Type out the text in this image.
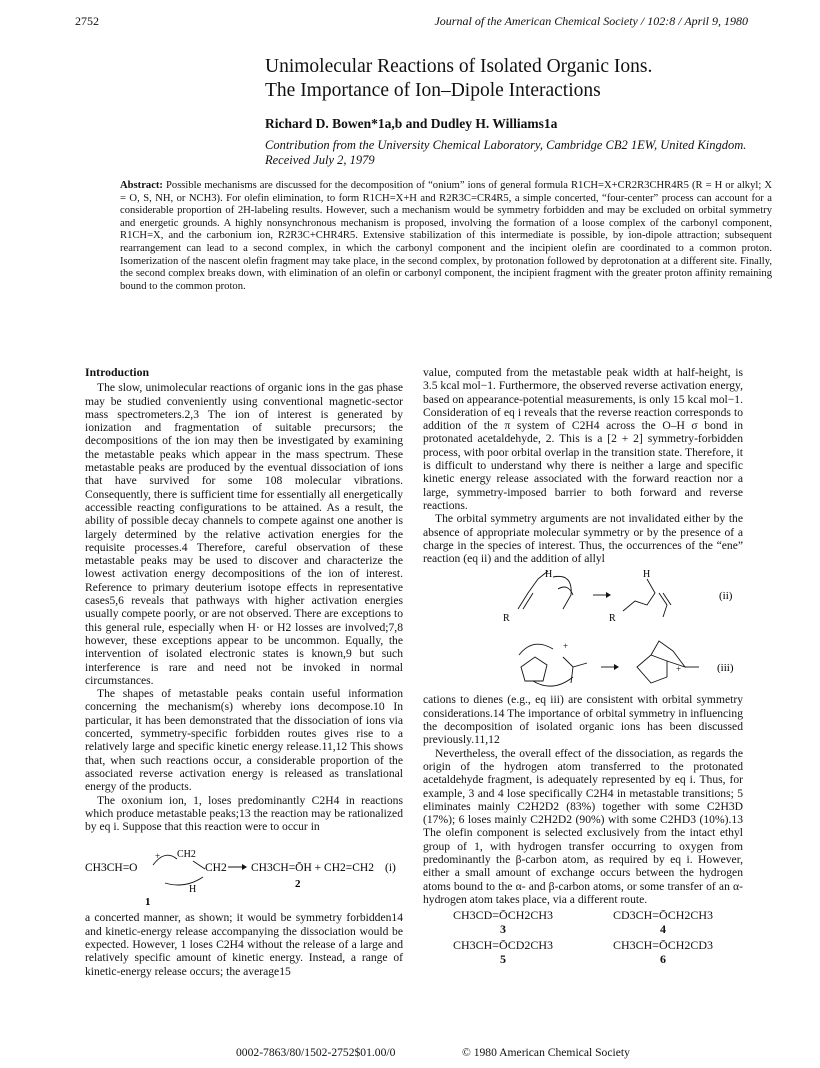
2752	Journal of the American Chemical Society / 102:8 / April 9, 1980
Unimolecular Reactions of Isolated Organic Ions.
The Importance of Ion–Dipole Interactions
Richard D. Bowen*1a,b and Dudley H. Williams1a
Contribution from the University Chemical Laboratory, Cambridge CB2 1EW, United Kingdom. Received July 2, 1979
Abstract: Possible mechanisms are discussed for the decomposition of “onium” ions of general formula R1CH=X+CR2R3CHR4R5 (R = H or alkyl; X = O, S, NH, or NCH3). For olefin elimination, to form R1CH=X+H and R2R3C=CR4R5, a simple concerted, “four-center” process can account for a considerable proportion of 2H-labeling results. However, such a mechanism would be symmetry forbidden and may be excluded on orbital symmetry and energetic grounds. A highly nonsynchronous mechanism is proposed, involving the formation of a loose complex of the carbonyl component, R1CH=X, and the carbonium ion, R2R3C+CHR4R5. Extensive stabilization of this intermediate is possible, by ion-dipole attraction; subsequent rearrangement can lead to a second complex, in which the carbonyl component and the incipient olefin are coordinated to a common proton. Isomerization of the nascent olefin fragment may take place, in the second complex, by protonation followed by deprotonation at a different site. Finally, the second complex breaks down, with elimination of an olefin or carbonyl component, the incipient fragment with the greater proton affinity remaining bound to the common proton.
Introduction

The slow, unimolecular reactions of organic ions in the gas phase may be studied conveniently using conventional magnetic-sector mass spectrometers.2,3 The ion of interest is generated by ionization and fragmentation of suitable precursors; the decompositions of the ion may then be investigated by examining the metastable peaks which appear in the mass spectrum. These metastable peaks are produced by the eventual dissociation of ions that have survived for some 108 molecular vibrations. Consequently, there is sufficient time for essentially all energetically accessible reacting configurations to be attained. As a result, the ability of possible decay channels to compete against one another is largely determined by the relative activation energies for the requisite processes.4 Therefore, careful observation of these metastable peaks may be used to discover and characterize the lowest activation energy decompositions of the ion of interest. Reference to primary deuterium isotope effects in representative cases5,6 reveals that pathways with higher activation energies usually compete poorly, or are not observed. There are exceptions to this general rule, especially when H· or H2 losses are involved;7,8 however, these exceptions appear to be uncommon. Equally, the intervention of isolated electronic states is known,9 but such interference is rare and need not be invoked in normal circumstances.

The shapes of metastable peaks contain useful information concerning the mechanism(s) whereby ions decompose.10 In particular, it has been demonstrated that the dissociation of ions via concerted, symmetry-specific forbidden routes gives rise to a relatively large and specific kinetic energy release.11,12 This shows that, when such reactions occur, a considerable proportion of the associated reverse activation energy is released as translational energy of the products.

The oxonium ion, 1, loses predominantly C2H4 in reactions which produce metastable peaks;13 the reaction may be rationalized by eq i. Suppose that this reaction were to occur in

+
CH3CH=O
CH2
CH2
H
CH3CH=ŌH + CH2=CH2 (i)
1
2

a concerted manner, as shown; it would be symmetry forbidden14 and kinetic-energy release accompanying the dissociation would be expected. However, 1 loses C2H4 without the release of a large and relatively specific amount of kinetic energy. Instead, a range of kinetic-energy release occurs; the average15

value, computed from the metastable peak width at half-height, is 3.5 kcal mol−1. Furthermore, the observed reverse activation energy, based on appearance-potential measurements, is only 15 kcal mol−1. Consideration of eq i reveals that the reverse reaction corresponds to addition of the π system of C2H4 across the O–H σ bond in protonated acetaldehyde, 2. This is a [2 + 2] symmetry-forbidden process, with poor orbital overlap in the transition state. Therefore, it is difficult to understand why there is neither a large and specific kinetic energy release associated with the forward reaction nor a large, symmetry-imposed barrier to both forward and reverse reactions.

The orbital symmetry arguments are not invalidated either by the absence of appropriate molecular symmetry or by the presence of a charge in the species of interest. Thus, the occurrences of the “ene” reaction (eq ii) and the addition of allyl

H
R
H
R
(ii)
+
+	(iii)

cations to dienes (e.g., eq iii) are consistent with orbital symmetry considerations.14 The importance of orbital symmetry in influencing the decomposition of isolated organic ions has been discussed previously.11,12

Nevertheless, the overall effect of the dissociation, as regards the origin of the hydrogen atom transferred to the protonated acetaldehyde fragment, is adequately represented by eq i. Thus, for example, 3 and 4 lose specifically C2H4 in metastable transitions; 5 eliminates mainly C2H2D2 (83%) together with some C2H3D (17%); 6 loses mainly C2H2D2 (90%) with some C2HD3 (10%).13 The olefin component is selected exclusively from the intact ethyl group of 1, with hydrogen transfer occurring to oxygen from predominantly the β-carbon atom, as required by eq i. However, either a small amount of exchange occurs between the hydrogen atoms bound to the α- and β-carbon atoms, or some transfer of an α-hydrogen atom takes place, via a different route.

CH3CD=ŌCH2CH3
3
CD3CH=ŌCH2CH3
4
CH3CH=ŌCD2CH3
5
CH3CH=ŌCH2CD3
6
0002-7863/80/1502-2752$01.00/0	© 1980 American Chemical Society
